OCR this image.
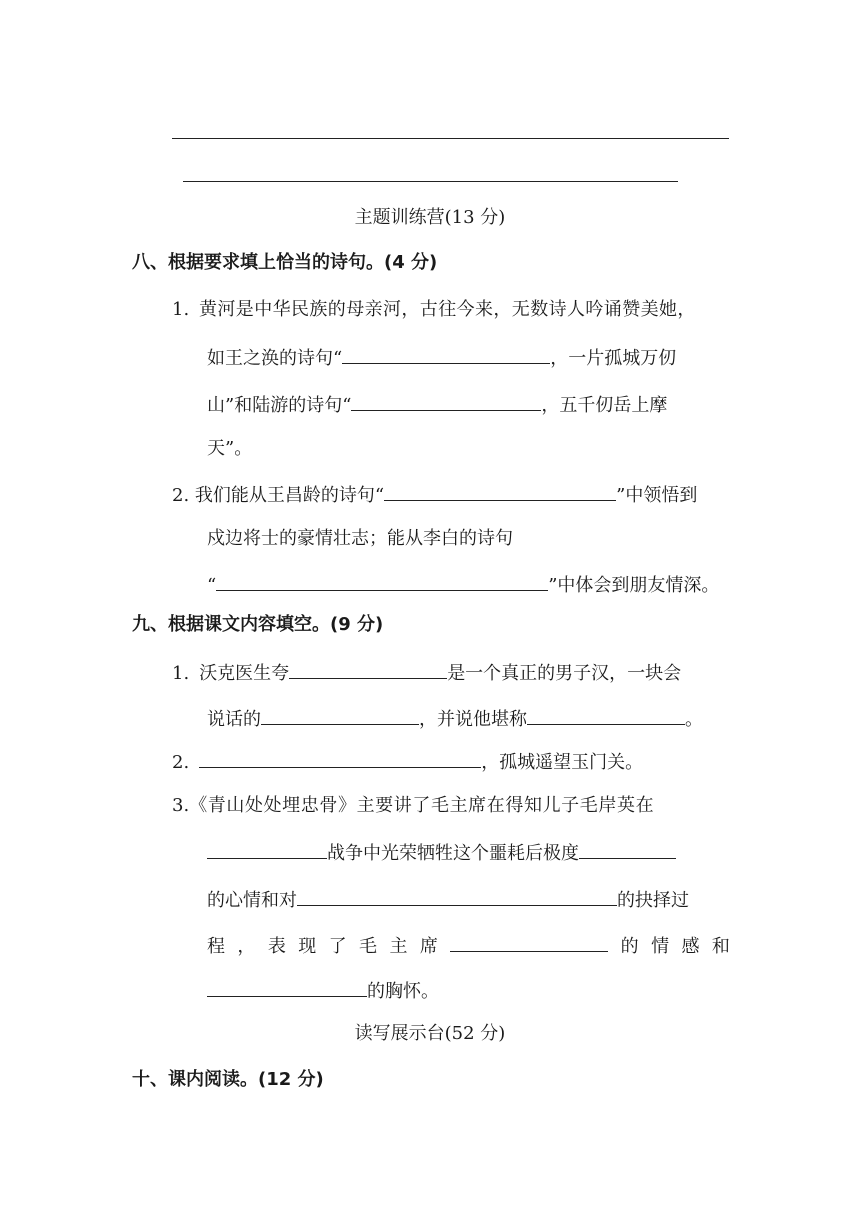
主题训练营(13 分)
八、根据要求填上恰当的诗句。(4 分)
1. 黄河是中华民族的母亲河，古往今来，无数诗人吟诵赞美她，
如王之涣的诗句“	，一片孤城万仞
山”和陆游的诗句“	，五千仞岳上摩
天”。
2. 我们能从王昌龄的诗句“	”中领悟到
戍边将士的豪情壮志；能从李白的诗句
“	”中体会到朋友情深。
九、根据课文内容填空。(9 分)
1. 沃克医生夸	是一个真正的男子汉，一块会
说话的	，并说他堪称	。
2.	，孤城遥望玉门关。
3.《青山处处埋忠骨》主要讲了毛主席在得知儿子毛岸英在
战争中光荣牺牲这个噩耗后极度
的心情和对	的抉择过
程 ， 表 现 了 毛 主 席	的 情 感 和
的胸怀。
读写展示台(52 分)
十、课内阅读。(12 分)
